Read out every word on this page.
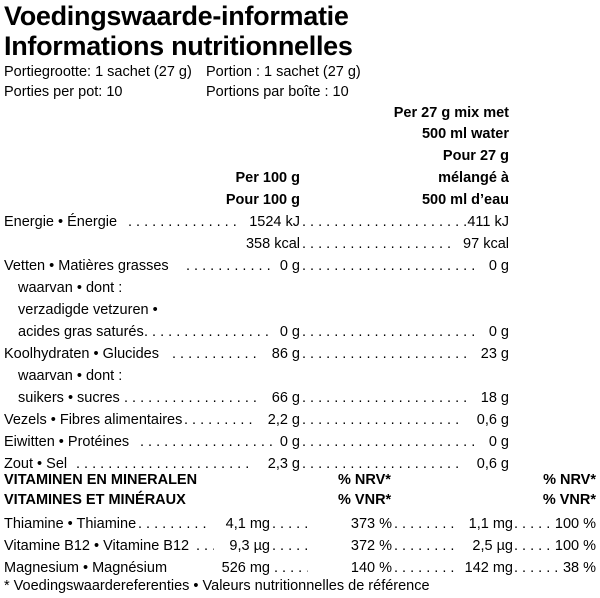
Voedingswaarde-informatie
Informations nutritionnelles
Portiegrootte: 1 sachet (27 g) Portion : 1 sachet (27 g)
Porties per pot: 10	Portions par boîte : 10
Per 27 g mix met
500 ml water
Pour 27 g
mélangé à
500 ml d’eau
Per 100 g
Pour 100 g
Energie • Énergie . . .	1524 kJ . . .	411 kJ
358 kcal . . .	97 kcal
Vetten • Matières grasses . . .	0 g . . .	0 g
waarvan • dont :
verzadigde vetzuren •
acides gras saturés . . .	0 g . . .	0 g
Koolhydraten • Glucides . . .	86 g . . .	23 g
waarvan • dont :
suikers • sucres . . .	66 g . . .	18 g
Vezels • Fibres alimentaires . . .	2,2 g . . .	0,6 g
Eiwitten • Protéines . . .	0 g . . .	0 g
Zout • Sel . . .	2,3 g . . .	0,6 g
VITAMINEN EN MINERALEN
VITAMINES ET MINÉRAUX
% NRV*
% VNR*
% NRV*
% VNR*
Thiamine • Thiamine . . .	4,1 mg . . .	373 % . . .	1,1 mg . . .	100 %
Vitamine B12 • Vitamine B12 . . .	9,3 µg . . .	372 % . . .	2,5 µg . . .	100 %
Magnesium • Magnésium	526 mg . . .	140 % . . .	142 mg . . .	38 %
* Voedingswaardereferenties • Valeurs nutritionnelles de référence
